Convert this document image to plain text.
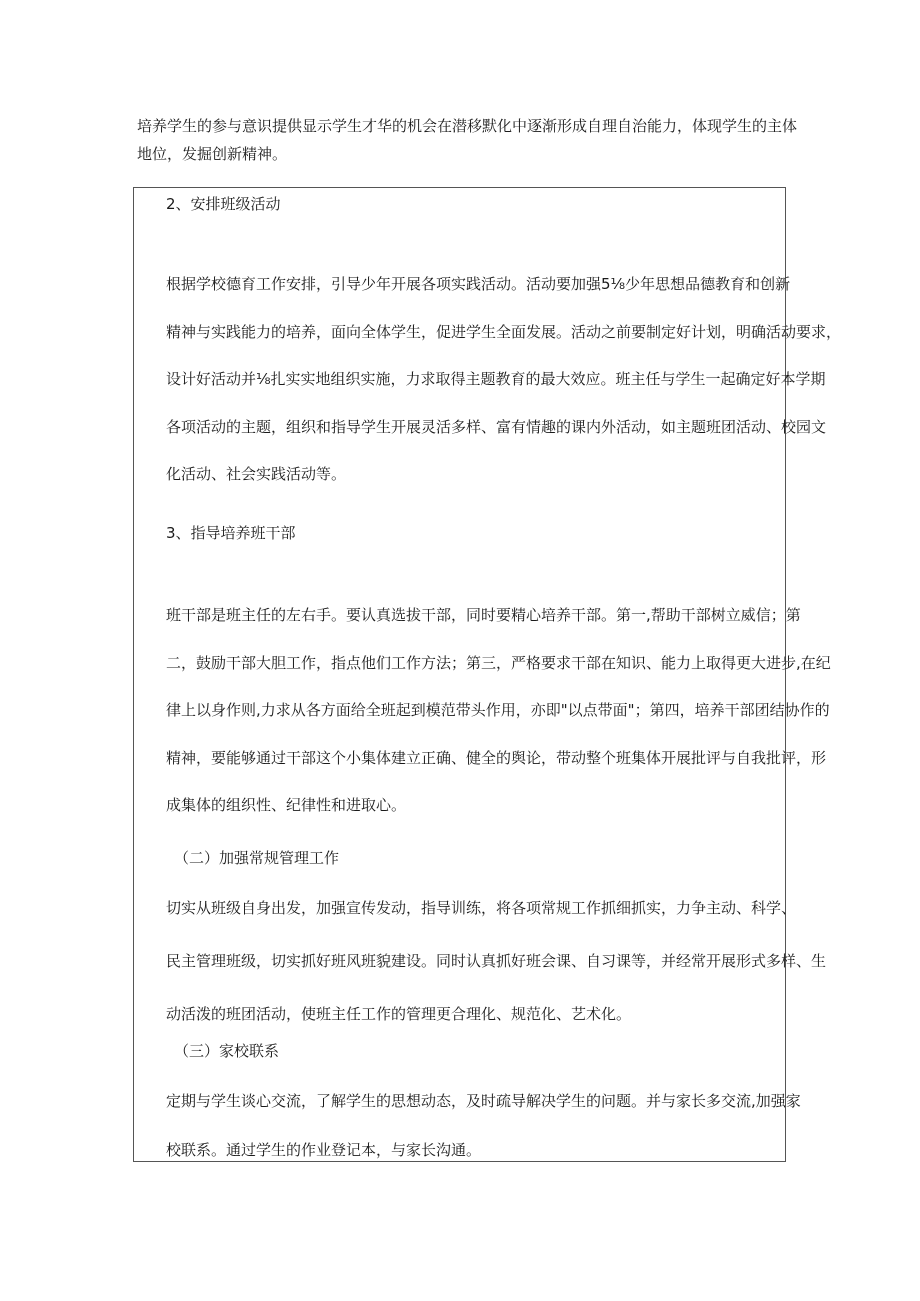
培养学生的参与意识提供显示学生才华的机会在潜移默化中逐渐形成自理自治能力，体现学生的主体

地位，发掘创新精神。

2、安排班级活动

根据学校德育工作安排，引导少年开展各项实践活动。活动要加强5⅛少年思想品德教育和创新
精神与实践能力的培养，面向全体学生，促进学生全面发展。活动之前要制定好计划，明确活动要求，
设计好活动并⅛扎实实地组织实施，力求取得主题教育的最大效应。班主任与学生一起确定好本学期
各项活动的主题，组织和指导学生开展灵活多样、富有情趣的课内外活动，如主题班团活动、校园文
化活动、社会实践活动等。

3、指导培养班干部

班干部是班主任的左右手。要认真选拔干部，同时要精心培养干部。第一,帮助干部树立威信；第
二，鼓励干部大胆工作，指点他们工作方法；第三，严格要求干部在知识、能力上取得更大进步,在纪
律上以身作则,力求从各方面给全班起到模范带头作用，亦即"以点带面"；第四，培养干部团结协作的
精神，要能够通过干部这个小集体建立正确、健全的舆论，带动整个班集体开展批评与自我批评，形
成集体的组织性、纪律性和进取心。

（二）加强常规管理工作

切实从班级自身出发，加强宣传发动，指导训练，将各项常规工作抓细抓实，力争主动、科学、
民主管理班级，切实抓好班风班貌建设。同时认真抓好班会课、自习课等，并经常开展形式多样、生
动活泼的班团活动，使班主任工作的管理更合理化、规范化、艺术化。

（三）家校联系

定期与学生谈心交流，了解学生的思想动态，及时疏导解决学生的问题。并与家长多交流,加强家
校联系。通过学生的作业登记本，与家长沟通。
